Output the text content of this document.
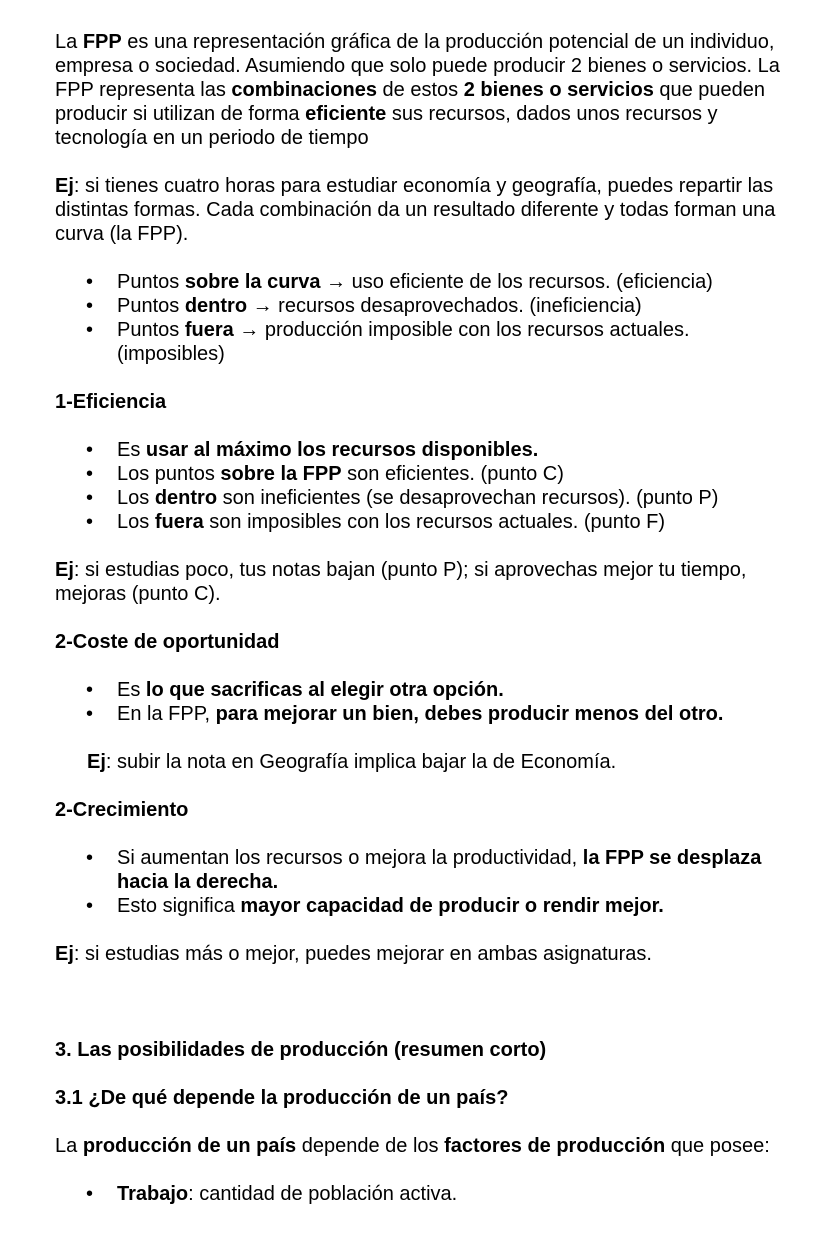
La FPP es una representación gráfica de la producción potencial de un individuo, empresa o sociedad. Asumiendo que solo puede producir 2 bienes o servicios. La FPP representa las combinaciones de estos 2 bienes o servicios que pueden producir si utilizan de forma eficiente sus recursos, dados unos recursos y tecnología en un periodo de tiempo

Ej: si tienes cuatro horas para estudiar economía y geografía, puedes repartir las distintas formas. Cada combinación da un resultado diferente y todas forman una curva (la FPP).

• Puntos sobre la curva → uso eficiente de los recursos. (eficiencia)
• Puntos dentro → recursos desaprovechados. (ineficiencia)
• Puntos fuera → producción imposible con los recursos actuales. (imposibles)

1-Eficiencia

• Es usar al máximo los recursos disponibles.
• Los puntos sobre la FPP son eficientes. (punto C)
• Los dentro son ineficientes (se desaprovechan recursos). (punto P)
• Los fuera son imposibles con los recursos actuales. (punto F)

Ej: si estudias poco, tus notas bajan (punto P); si aprovechas mejor tu tiempo, mejoras (punto C).

2-Coste de oportunidad

• Es lo que sacrificas al elegir otra opción.
• En la FPP, para mejorar un bien, debes producir menos del otro.

Ej: subir la nota en Geografía implica bajar la de Economía.

2-Crecimiento

• Si aumentan los recursos o mejora la productividad, la FPP se desplaza hacia la derecha.
• Esto significa mayor capacidad de producir o rendir mejor.

Ej: si estudias más o mejor, puedes mejorar en ambas asignaturas.

3. Las posibilidades de producción (resumen corto)

3.1 ¿De qué depende la producción de un país?

La producción de un país depende de los factores de producción que posee:

• Trabajo: cantidad de población activa.
